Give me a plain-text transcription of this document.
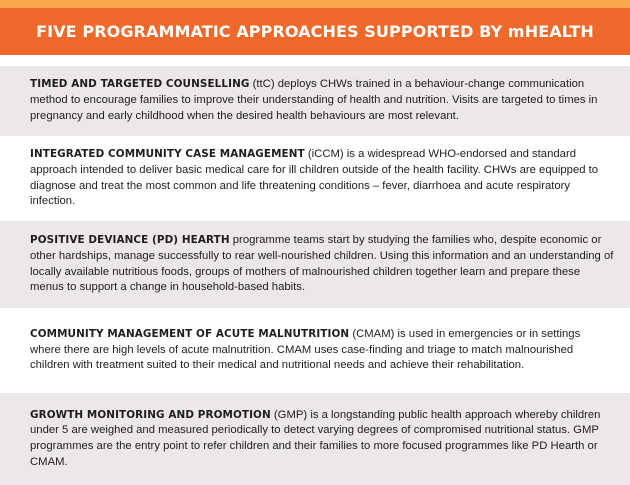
FIVE PROGRAMMATIC APPROACHES SUPPORTED BY mHEALTH

TIMED AND TARGETED COUNSELLING (ttC) deploys CHWs trained in a behaviour-change communication method to encourage families to improve their understanding of health and nutrition. Visits are targeted to times in pregnancy and early childhood when the desired health behaviours are most relevant.

INTEGRATED COMMUNITY CASE MANAGEMENT (iCCM) is a widespread WHO-endorsed and standard approach intended to deliver basic medical care for ill children outside of the health facility. CHWs are equipped to diagnose and treat the most common and life threatening conditions – fever, diarrhoea and acute respiratory infection.

POSITIVE DEVIANCE (PD) HEARTH programme teams start by studying the families who, despite economic or other hardships, manage successfully to rear well-nourished children. Using this information and an understanding of locally available nutritious foods, groups of mothers of malnourished children together learn and prepare these menus to support a change in household-based habits.

COMMUNITY MANAGEMENT OF ACUTE MALNUTRITION (CMAM) is used in emergencies or in settings where there are high levels of acute malnutrition. CMAM uses case-finding and triage to match malnourished children with treatment suited to their medical and nutritional needs and achieve their rehabilitation.

GROWTH MONITORING AND PROMOTION (GMP) is a longstanding public health approach whereby children under 5 are weighed and measured periodically to detect varying degrees of compromised nutritional status. GMP programmes are the entry point to refer children and their families to more focused programmes like PD Hearth or CMAM.
